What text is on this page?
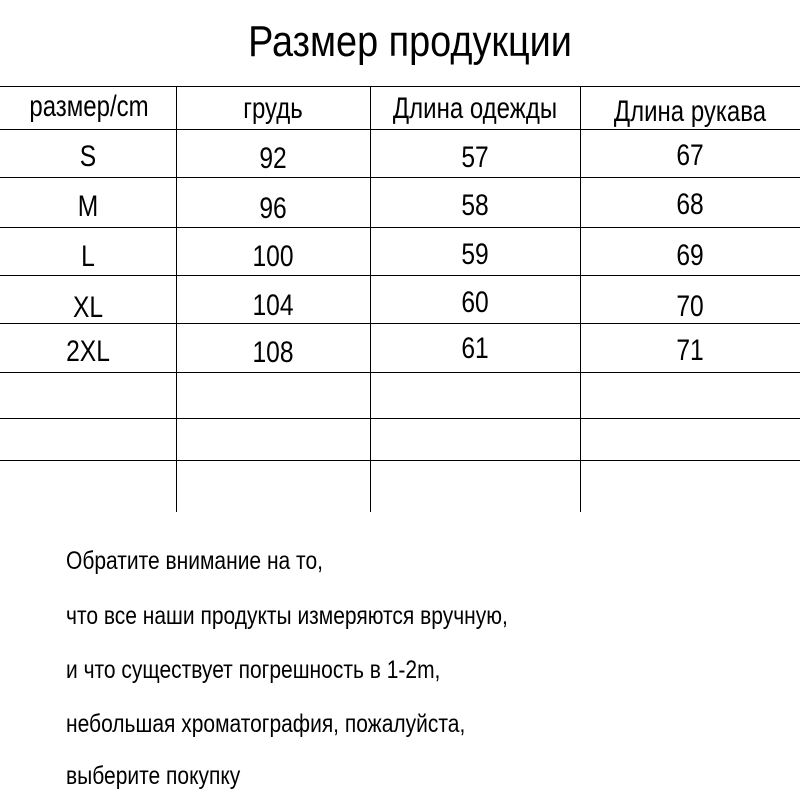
Размер продукции
размер/cm	грудь	Длина одежды	Длина рукава
S	92	57	67
M	96	58	68
L	100	59	69
XL	104	60	70
2XL	108	61	71
Обратите внимание на то,
что все наши продукты измеряются вручную,
и что существует погрешность в 1-2m,
небольшая хроматография, пожалуйста,
выберите покупку
